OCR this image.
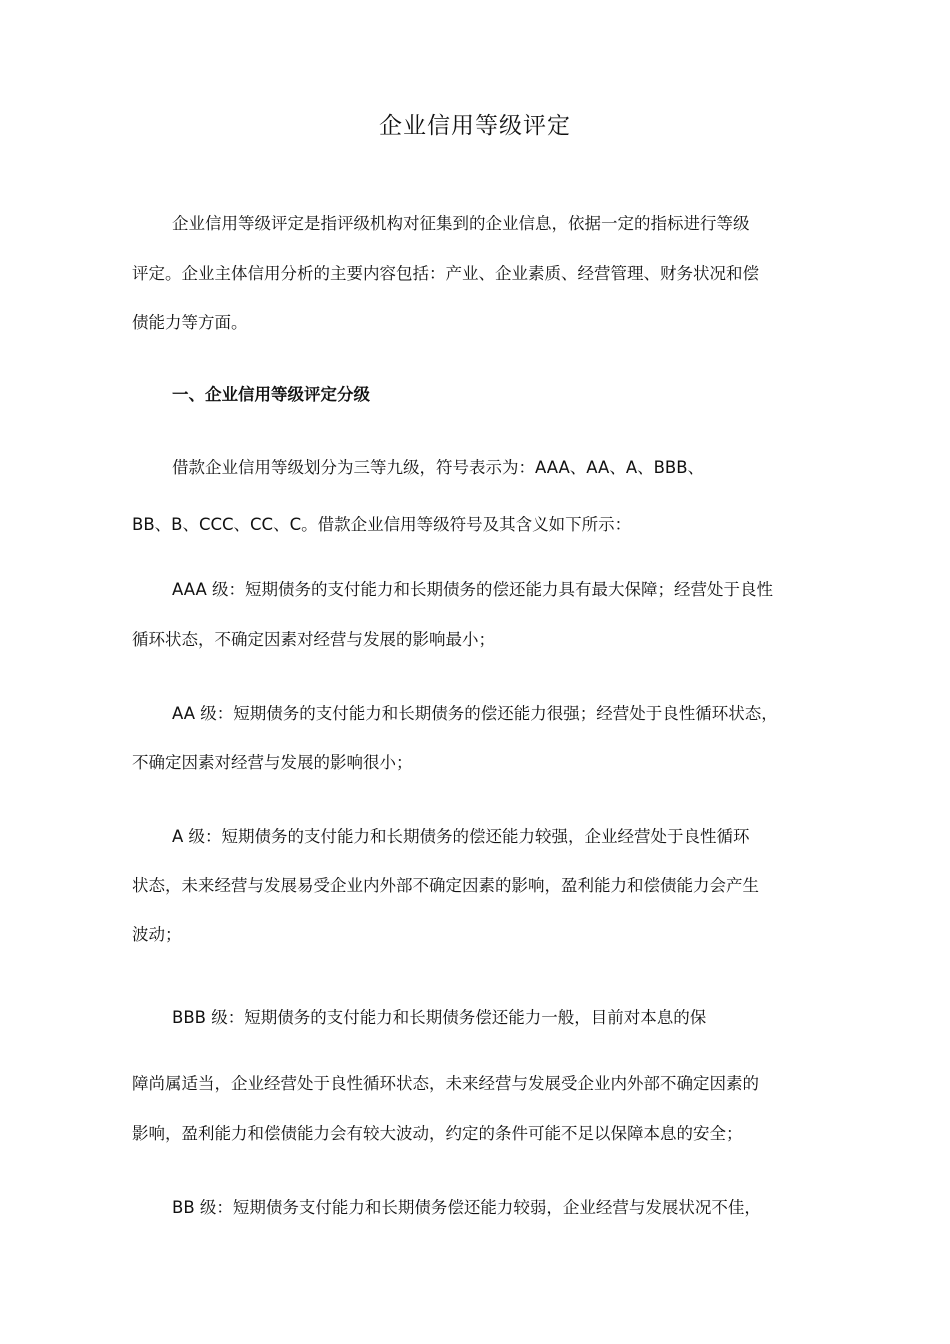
企业信用等级评定

企业信用等级评定是指评级机构对征集到的企业信息，依据一定的指标进行等级

评定。企业主体信用分析的主要内容包括：产业、企业素质、经营管理、财务状况和偿

债能力等方面。

一、企业信用等级评定分级

借款企业信用等级划分为三等九级，符号表示为：AAA、AA、A、BBB、

BB、B、CCC、CC、C。借款企业信用等级符号及其含义如下所示：

AAA 级：短期债务的支付能力和长期债务的偿还能力具有最大保障；经营处于良性

循环状态，不确定因素对经营与发展的影响最小；

AA 级：短期债务的支付能力和长期债务的偿还能力很强；经营处于良性循环状态，

不确定因素对经营与发展的影响很小；

A 级：短期债务的支付能力和长期债务的偿还能力较强，企业经营处于良性循环

状态，未来经营与发展易受企业内外部不确定因素的影响，盈利能力和偿债能力会产生

波动；

BBB 级：短期债务的支付能力和长期债务偿还能力一般，目前对本息的保

障尚属适当，企业经营处于良性循环状态，未来经营与发展受企业内外部不确定因素的

影响，盈利能力和偿债能力会有较大波动，约定的条件可能不足以保障本息的安全；

BB 级：短期债务支付能力和长期债务偿还能力较弱，企业经营与发展状况不佳，
